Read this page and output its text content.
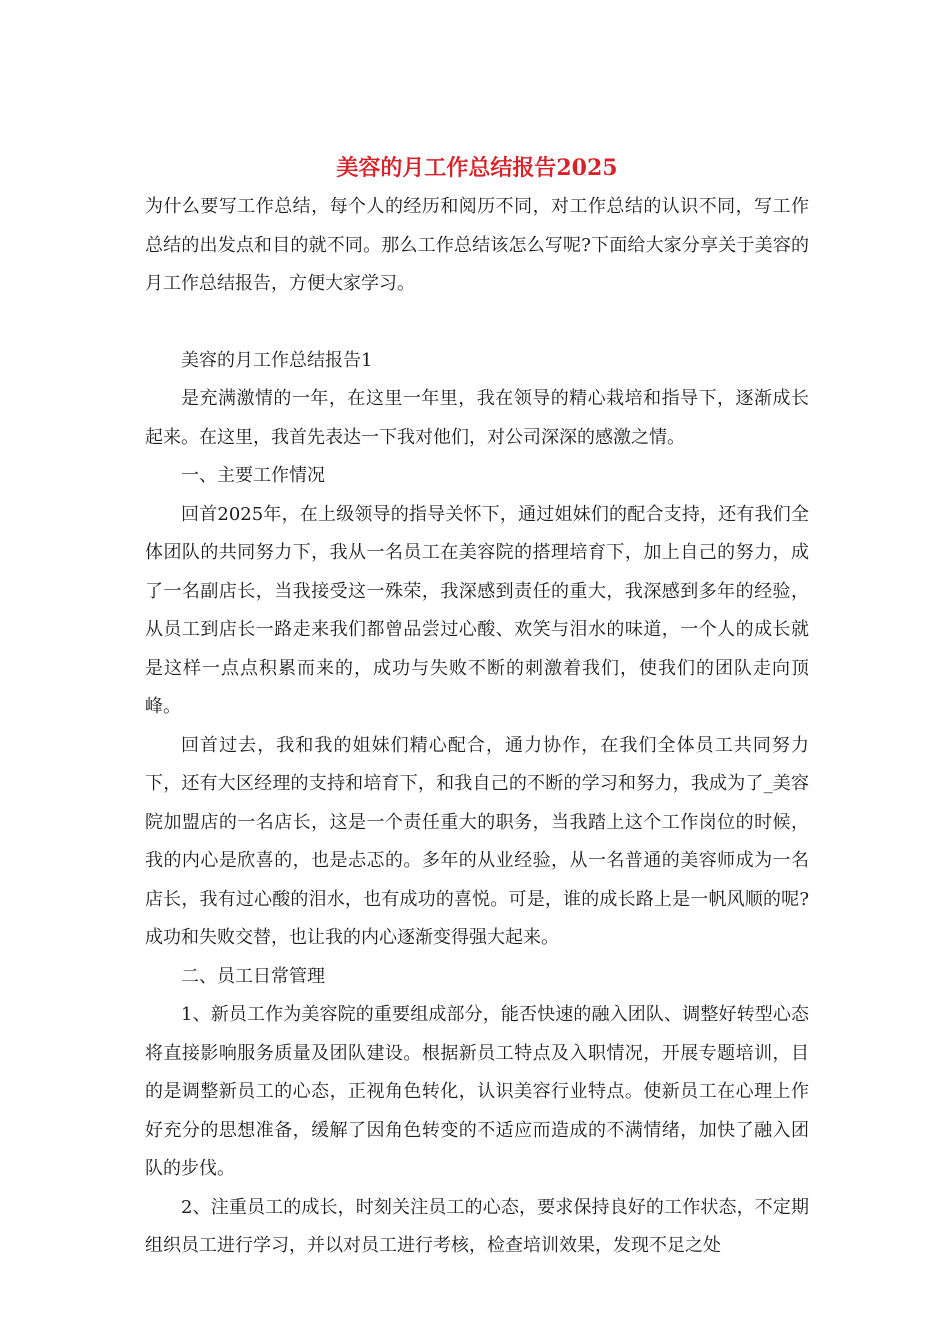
美容的月工作总结报告2025

为什么要写工作总结，每个人的经历和阅历不同，对工作总结的认识不同，写工作总结的出发点和目的就不同。那么工作总结该怎么写呢?下面给大家分享关于美容的月工作总结报告，方便大家学习。

美容的月工作总结报告1

是充满激情的一年，在这里一年里，我在领导的精心栽培和指导下，逐渐成长起来。在这里，我首先表达一下我对他们，对公司深深的感激之情。

一、主要工作情况

回首2025年，在上级领导的指导关怀下，通过姐妹们的配合支持，还有我们全体团队的共同努力下，我从一名员工在美容院的搭理培育下，加上自己的努力，成了一名副店长，当我接受这一殊荣，我深感到责任的重大，我深感到多年的经验，从员工到店长一路走来我们都曾品尝过心酸、欢笑与泪水的味道，一个人的成长就是这样一点点积累而来的，成功与失败不断的刺激着我们，使我们的团队走向顶峰。

回首过去，我和我的姐妹们精心配合，通力协作，在我们全体员工共同努力下，还有大区经理的支持和培育下，和我自己的不断的学习和努力，我成为了_美容院加盟店的一名店长，这是一个责任重大的职务，当我踏上这个工作岗位的时候，我的内心是欣喜的，也是忐忑的。多年的从业经验，从一名普通的美容师成为一名店长，我有过心酸的泪水，也有成功的喜悦。可是，谁的成长路上是一帆风顺的呢?成功和失败交替，也让我的内心逐渐变得强大起来。

二、员工日常管理

1、新员工作为美容院的重要组成部分，能否快速的融入团队、调整好转型心态将直接影响服务质量及团队建设。根据新员工特点及入职情况，开展专题培训，目的是调整新员工的心态，正视角色转化，认识美容行业特点。使新员工在心理上作好充分的思想准备，缓解了因角色转变的不适应而造成的不满情绪，加快了融入团队的步伐。

2、注重员工的成长，时刻关注员工的心态，要求保持良好的工作状态，不定期组织员工进行学习，并以对员工进行考核，检查培训效果，发现不足之处
